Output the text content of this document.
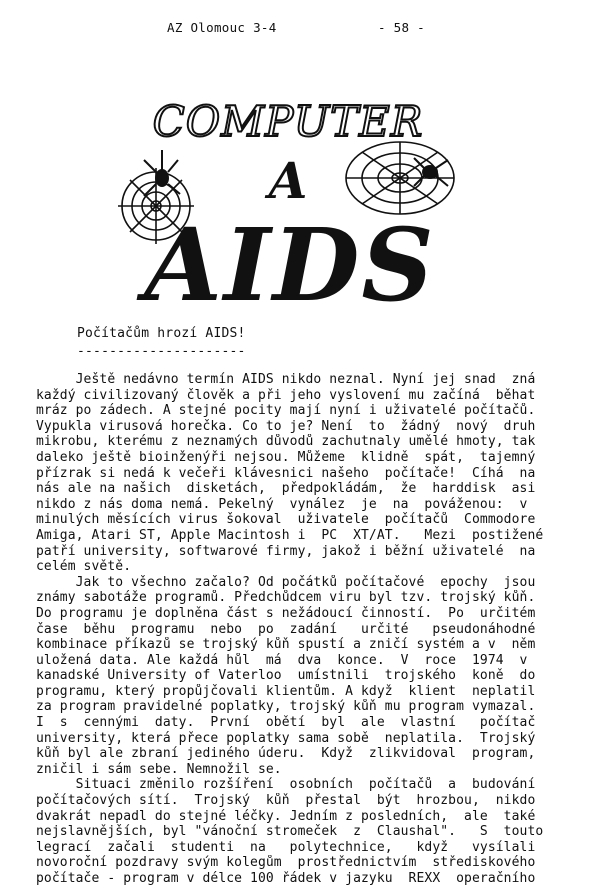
AZ Olomouc 3-4	- 58 -
COMPUTER
A
AIDS
Počítačům hrozí AIDS!
---------------------
Ještě nedávno termín AIDS nikdo neznal. Nyní jej snad  zná
každý civilizovaný člověk a při jeho vyslovení mu začíná  běhat
mráz po zádech. A stejné pocity mají nyní i uživatelé počítačů.
Vypukla virusová horečka. Co to je? Není  to  žádný  nový  druh
mikrobu, kterému z neznamých důvodů zachutnaly umělé hmoty, tak
daleko ještě bioinženýři nejsou. Můžeme  klidně  spát,  tajemný
přízrak si nedá k večeři klávesnici našeho  počítače!  Číhá  na
nás ale na našich  disketách,  předpokládám,  že  harddisk  asi
nikdo z nás doma nemá. Pekelný  vynález  je  na  pováženou:  v
minulých měsících virus šokoval  uživatele  počítačů  Commodore
Amiga, Atari ST, Apple Macintosh i  PC  XT/AT.   Mezi  postižené
patří university, softwarové firmy, jakož i běžní uživatelé  na
celém světě.
Jak to všechno začalo? Od počátků počítačové  epochy  jsou
známy sabotáže programů. Předchůdcem viru byl tzv. trojský kůň.
Do programu je doplněna část s nežádoucí činností.  Po  určitém
čase  běhu  programu  nebo  po  zadání   určité   pseudonáhodné
kombinace příkazů se trojský kůň spustí a zničí systém a v  něm
uložená data. Ale každá hůl  má  dva  konce.  V  roce  1974  v
kanadské University of Vaterloo  umístnili  trojského  koně  do
programu, který propůjčovali klientům. A když  klient  neplatil
za program pravidelné poplatky, trojský kůň mu program vymazal.
I  s  cennými  daty.  První  obětí  byl  ale  vlastní   počítač
university, která přece poplatky sama sobě  neplatila.  Trojský
kůň byl ale zbraní jediného úderu.  Když  zlikvidoval  program,
zničil i sám sebe. Nemnožil se.
Situaci změnilo rozšíření  osobních  počítačů  a  budování
počítačových sítí.  Trojský  kůň  přestal  být  hrozbou,  nikdo
dvakrát nepadl do stejné léčky. Jedním z posledních,  ale  také
nejslavnějších, byl "vánoční stromeček  z  Claushal".   S  touto
legrací  začali  studenti  na   polytechnice,   když   vysílali
novoroční pozdravy svým kolegům  prostřednictvím  střediskového
počítače - program v délce 100 řádek v jazyku  REXX  operačního
